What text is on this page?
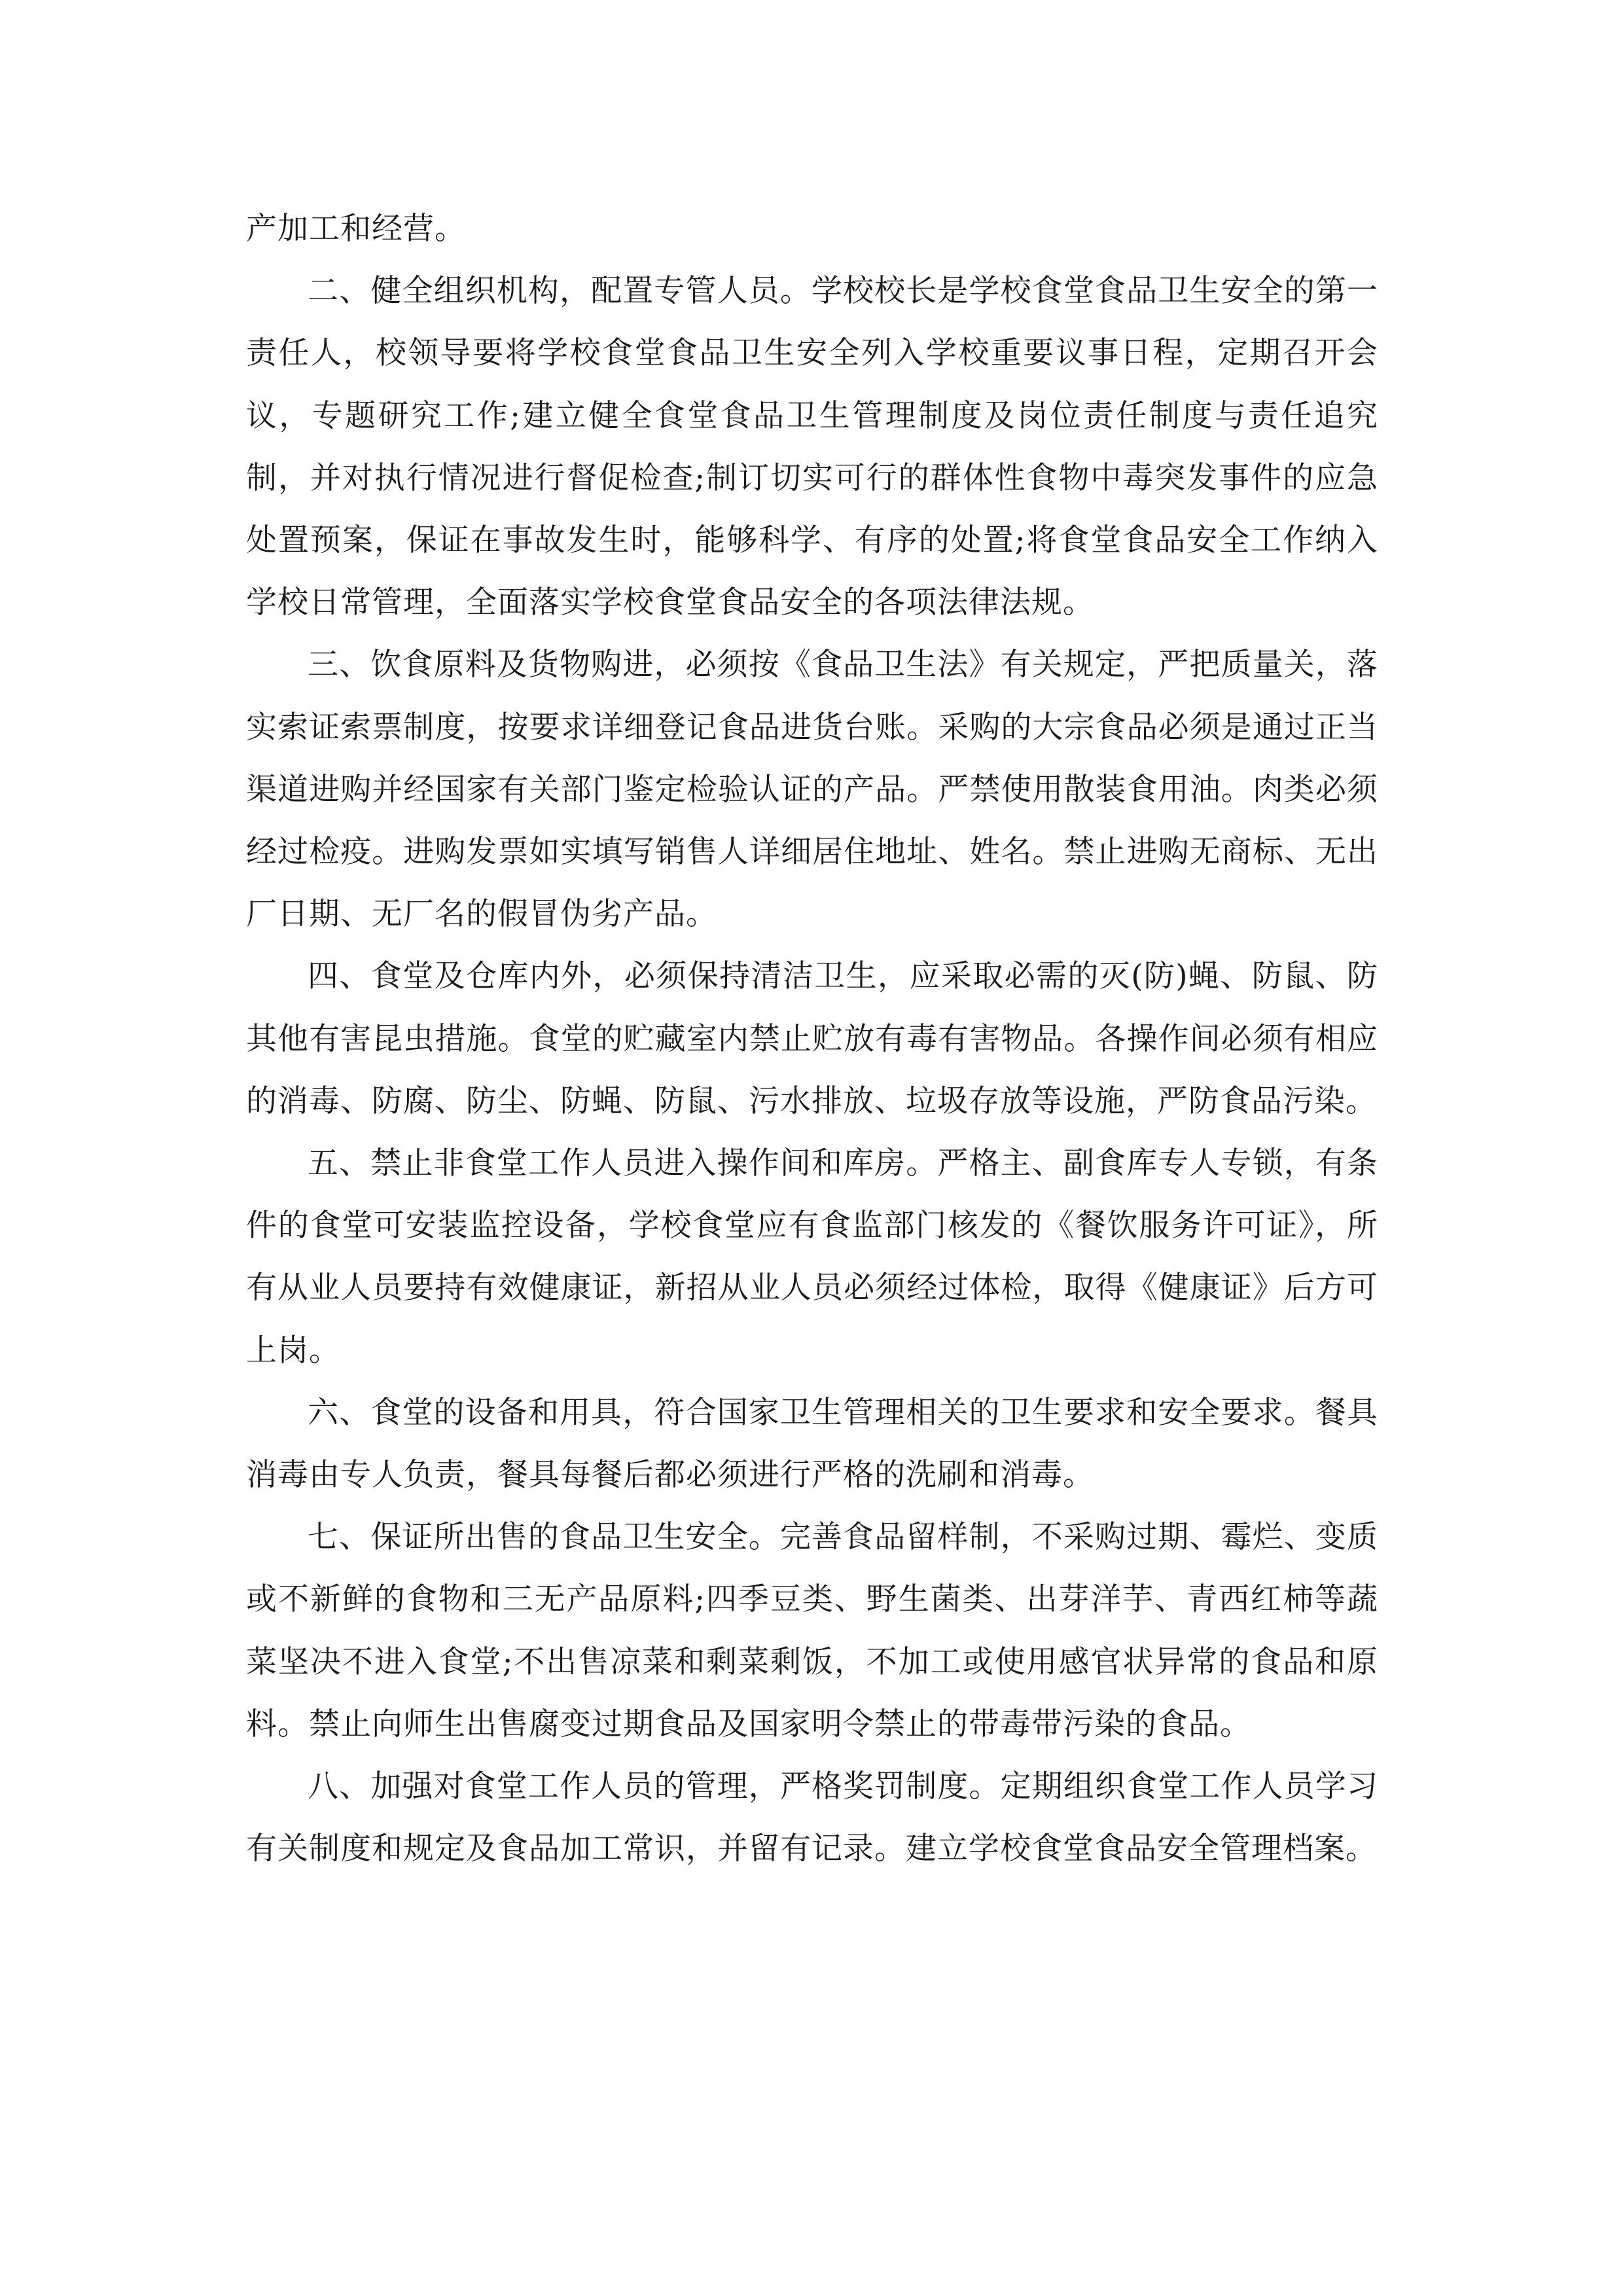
产加工和经营。

二、健全组织机构，配置专管人员。学校校长是学校食堂食品卫生安全的第一责任人，校领导要将学校食堂食品卫生安全列入学校重要议事日程，定期召开会议，专题研究工作;建立健全食堂食品卫生管理制度及岗位责任制度与责任追究制，并对执行情况进行督促检查;制订切实可行的群体性食物中毒突发事件的应急处置预案，保证在事故发生时，能够科学、有序的处置;将食堂食品安全工作纳入学校日常管理，全面落实学校食堂食品安全的各项法律法规。

三、饮食原料及货物购进，必须按《食品卫生法》有关规定，严把质量关，落实索证索票制度，按要求详细登记食品进货台账。采购的大宗食品必须是通过正当渠道进购并经国家有关部门鉴定检验认证的产品。严禁使用散装食用油。肉类必须经过检疫。进购发票如实填写销售人详细居住地址、姓名。禁止进购无商标、无出厂日期、无厂名的假冒伪劣产品。

四、食堂及仓库内外，必须保持清洁卫生，应采取必需的灭(防)蝇、防鼠、防其他有害昆虫措施。食堂的贮藏室内禁止贮放有毒有害物品。各操作间必须有相应的消毒、防腐、防尘、防蝇、防鼠、污水排放、垃圾存放等设施，严防食品污染。

五、禁止非食堂工作人员进入操作间和库房。严格主、副食库专人专锁，有条件的食堂可安装监控设备，学校食堂应有食监部门核发的《餐饮服务许可证》，所有从业人员要持有效健康证，新招从业人员必须经过体检，取得《健康证》后方可上岗。

六、食堂的设备和用具，符合国家卫生管理相关的卫生要求和安全要求。餐具消毒由专人负责，餐具每餐后都必须进行严格的洗刷和消毒。

七、保证所出售的食品卫生安全。完善食品留样制，不采购过期、霉烂、变质或不新鲜的食物和三无产品原料;四季豆类、野生菌类、出芽洋芋、青西红柿等蔬菜坚决不进入食堂;不出售凉菜和剩菜剩饭，不加工或使用感官状异常的食品和原料。禁止向师生出售腐变过期食品及国家明令禁止的带毒带污染的食品。

八、加强对食堂工作人员的管理，严格奖罚制度。定期组织食堂工作人员学习有关制度和规定及食品加工常识，并留有记录。建立学校食堂食品安全管理档案。
